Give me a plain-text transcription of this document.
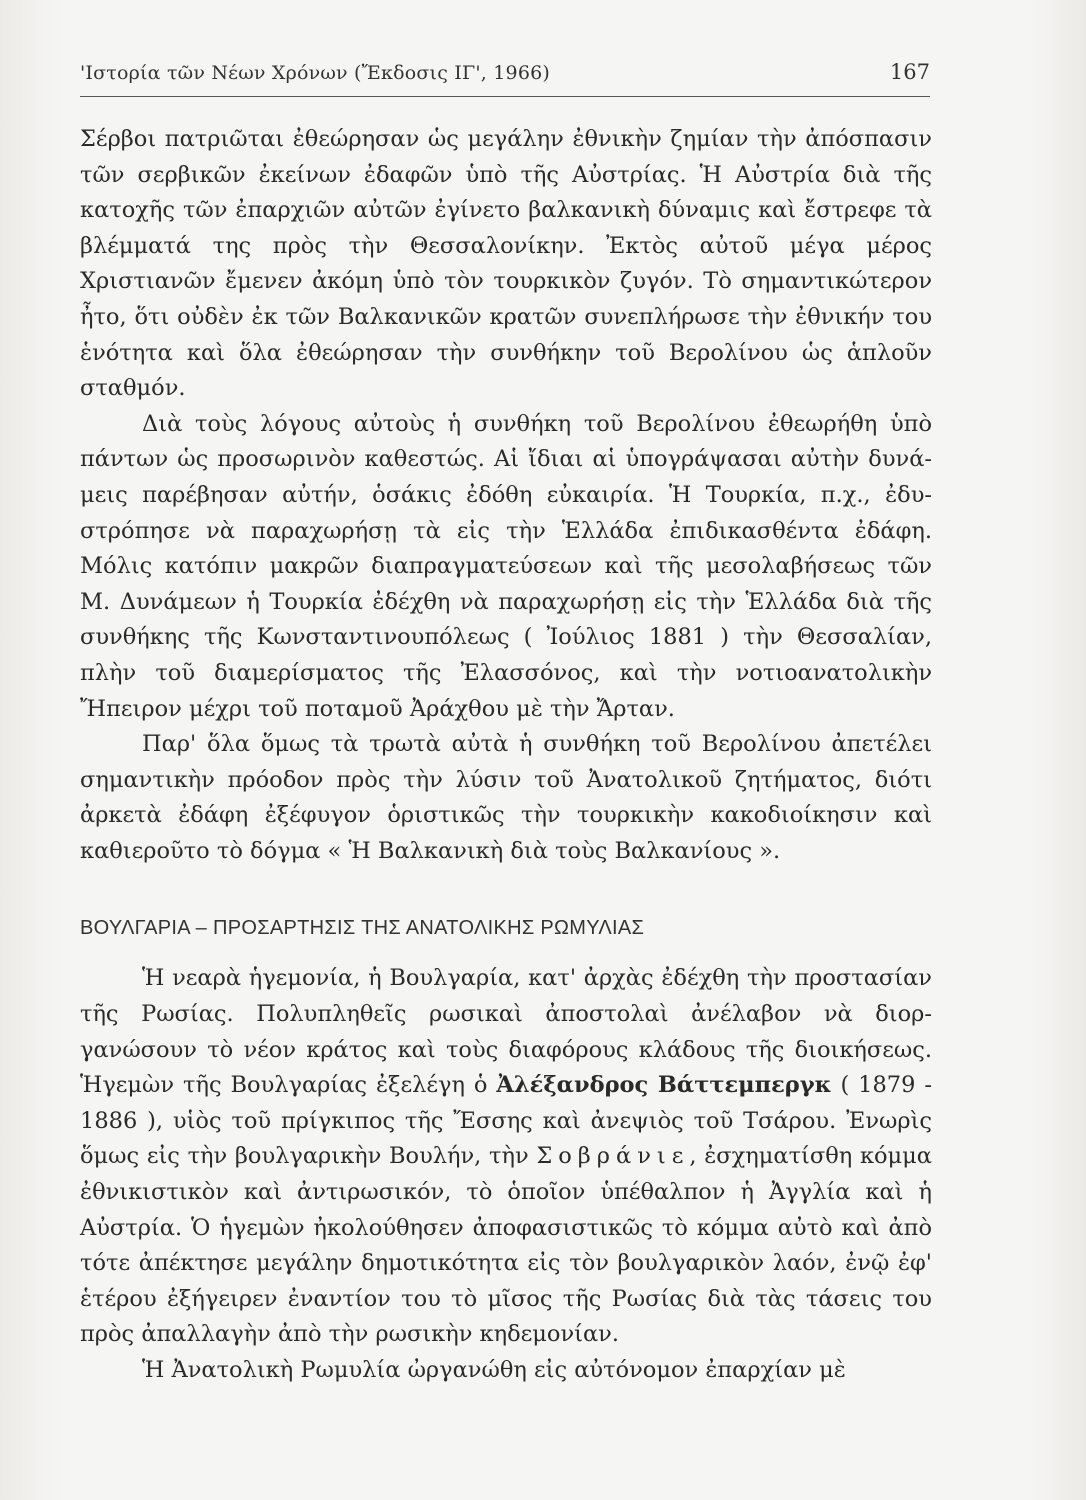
'Ιστορία τῶν Νέων Χρόνων (Ἔκδοσις ΙΓ', 1966)	167

Σέρβοι πατριῶται ἐθεώρησαν ὡς μεγάλην ἐθνικὴν ζημίαν τὴν ἀπόσπασιν τῶν σερβικῶν ἐκείνων ἐδαφῶν ὑπὸ τῆς Αὐστρίας. Ἡ Αὐστρία διὰ τῆς κατοχῆς τῶν ἐπαρχιῶν αὐτῶν ἐγίνετο βαλκανικὴ δύναμις καὶ ἔστρεφε τὰ βλέμματά της πρὸς τὴν Θεσσαλονίκην. Ἐκτὸς αὐτοῦ μέγα μέρος Χριστιανῶν ἔμενεν ἀκόμη ὑπὸ τὸν τουρκικὸν ζυγόν. Τὸ σημαντικώτερον ἦτο, ὅτι οὐδὲν ἐκ τῶν Βαλκανικῶν κρατῶν συνεπλήρωσε τὴν ἐθνικήν του ἑνότητα καὶ ὅλα ἐθεώρησαν τὴν συνθήκην τοῦ Βερολίνου ὡς ἁπλοῦν σταθμόν.

Διὰ τοὺς λόγους αὐτοὺς ἡ συνθήκη τοῦ Βερολίνου ἐθεωρήθη ὑπὸ πάντων ὡς προσωρινὸν καθεστώς. Αἱ ἴδιαι αἱ ὑπογράψασαι αὐτὴν δυνάμεις παρέβησαν αὐτήν, ὁσάκις ἐδόθη εὐκαιρία. Ἡ Τουρκία, π.χ., ἐδυστρόπησε νὰ παραχωρήσῃ τὰ εἰς τὴν Ἑλλάδα ἐπιδικασθέντα ἐδάφη. Μόλις κατόπιν μακρῶν διαπραγματεύσεων καὶ τῆς μεσολαβήσεως τῶν Μ. Δυνάμεων ἡ Τουρκία ἐδέχθη νὰ παραχωρήσῃ εἰς τὴν Ἑλλάδα διὰ τῆς συνθήκης τῆς Κωνσταντινουπόλεως ( Ἰούλιος 1881 ) τὴν Θεσσαλίαν, πλὴν τοῦ διαμερίσματος τῆς Ἐλασσόνος, καὶ τὴν νοτιοανατολικὴν Ἤπειρον μέχρι τοῦ ποταμοῦ Ἀράχθου μὲ τὴν Ἄρταν.

Παρ' ὅλα ὅμως τὰ τρωτὰ αὐτὰ ἡ συνθήκη τοῦ Βερολίνου ἀπετέλει σημαντικὴν πρόοδον πρὸς τὴν λύσιν τοῦ Ἀνατολικοῦ ζητήματος, διότι ἀρκετὰ ἐδάφη ἐξέφυγον ὁριστικῶς τὴν τουρκικὴν κακοδιοίκησιν καὶ καθιεροῦτο τὸ δόγμα « Ἡ Βαλκανικὴ διὰ τοὺς Βαλκανίους ».

ΒΟΥΛΓΑΡΙΑ – ΠΡΟΣΑΡΤΗΣΙΣ ΤΗΣ ΑΝΑΤΟΛΙΚΗΣ ΡΩΜΥΛΙΑΣ

Ἡ νεαρὰ ἡγεμονία, ἡ Βουλγαρία, κατ' ἀρχὰς ἐδέχθη τὴν προστασίαν τῆς Ρωσίας. Πολυπληθεῖς ρωσικαὶ ἀποστολαὶ ἀνέλαβον νὰ διοργανώσουν τὸ νέον κράτος καὶ τοὺς διαφόρους κλάδους τῆς διοικήσεως. Ἡγεμὼν τῆς Βουλγαρίας ἐξελέγη ὁ Ἀλέξανδρος Βάττεμπεργκ ( 1879 - 1886 ), υἱὸς τοῦ πρίγκιπος τῆς Ἔσσης καὶ ἀνεψιὸς τοῦ Τσάρου. Ἐνωρὶς ὅμως εἰς τὴν βουλγαρικὴν Βουλήν, τὴν Σοβράνιε, ἐσχηματίσθη κόμμα ἐθνικιστικὸν καὶ ἀντιρωσικόν, τὸ ὁποῖον ὑπέθαλπον ἡ Ἀγγλία καὶ ἡ Αὐστρία. Ὁ ἡγεμὼν ἠκολούθησεν ἀποφασιστικῶς τὸ κόμμα αὐτὸ καὶ ἀπὸ τότε ἀπέκτησε μεγάλην δημοτικότητα εἰς τὸν βουλγαρικὸν λαόν, ἐνῷ ἐφ' ἑτέρου ἐξήγειρεν ἐναντίον του τὸ μῖσος τῆς Ρωσίας διὰ τὰς τάσεις του πρὸς ἀπαλλαγὴν ἀπὸ τὴν ρωσικὴν κηδεμονίαν.

Ἡ Ἀνατολικὴ Ρωμυλία ὠργανώθη εἰς αὐτόνομον ἐπαρχίαν μὲ
